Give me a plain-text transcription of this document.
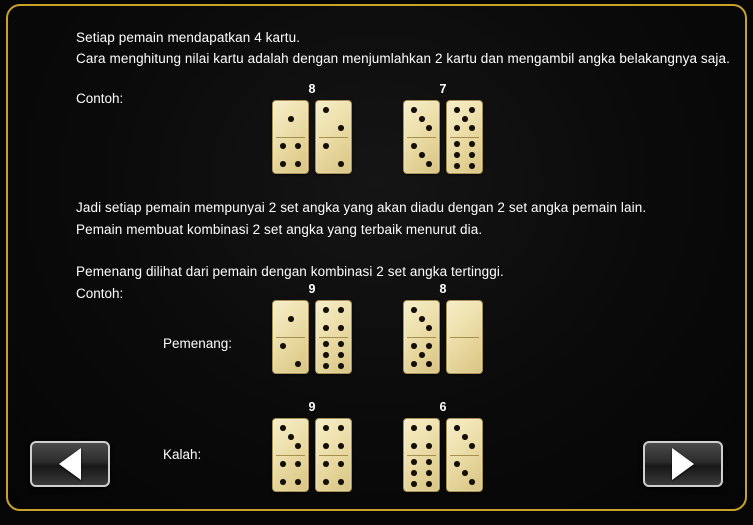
Setiap pemain mendapatkan 4 kartu.
Cara menghitung nilai kartu adalah dengan menjumlahkan 2 kartu dan mengambil angka belakangnya saja.
Contoh:
8	7
Jadi setiap pemain mempunyai 2 set angka yang akan diadu dengan 2 set angka pemain lain.
Pemain membuat kombinasi 2 set angka yang terbaik menurut dia.
Pemenang dilihat dari pemain dengan kombinasi 2 set angka tertinggi.
Contoh:
Pemenang:
9	8
Kalah:
9	6
